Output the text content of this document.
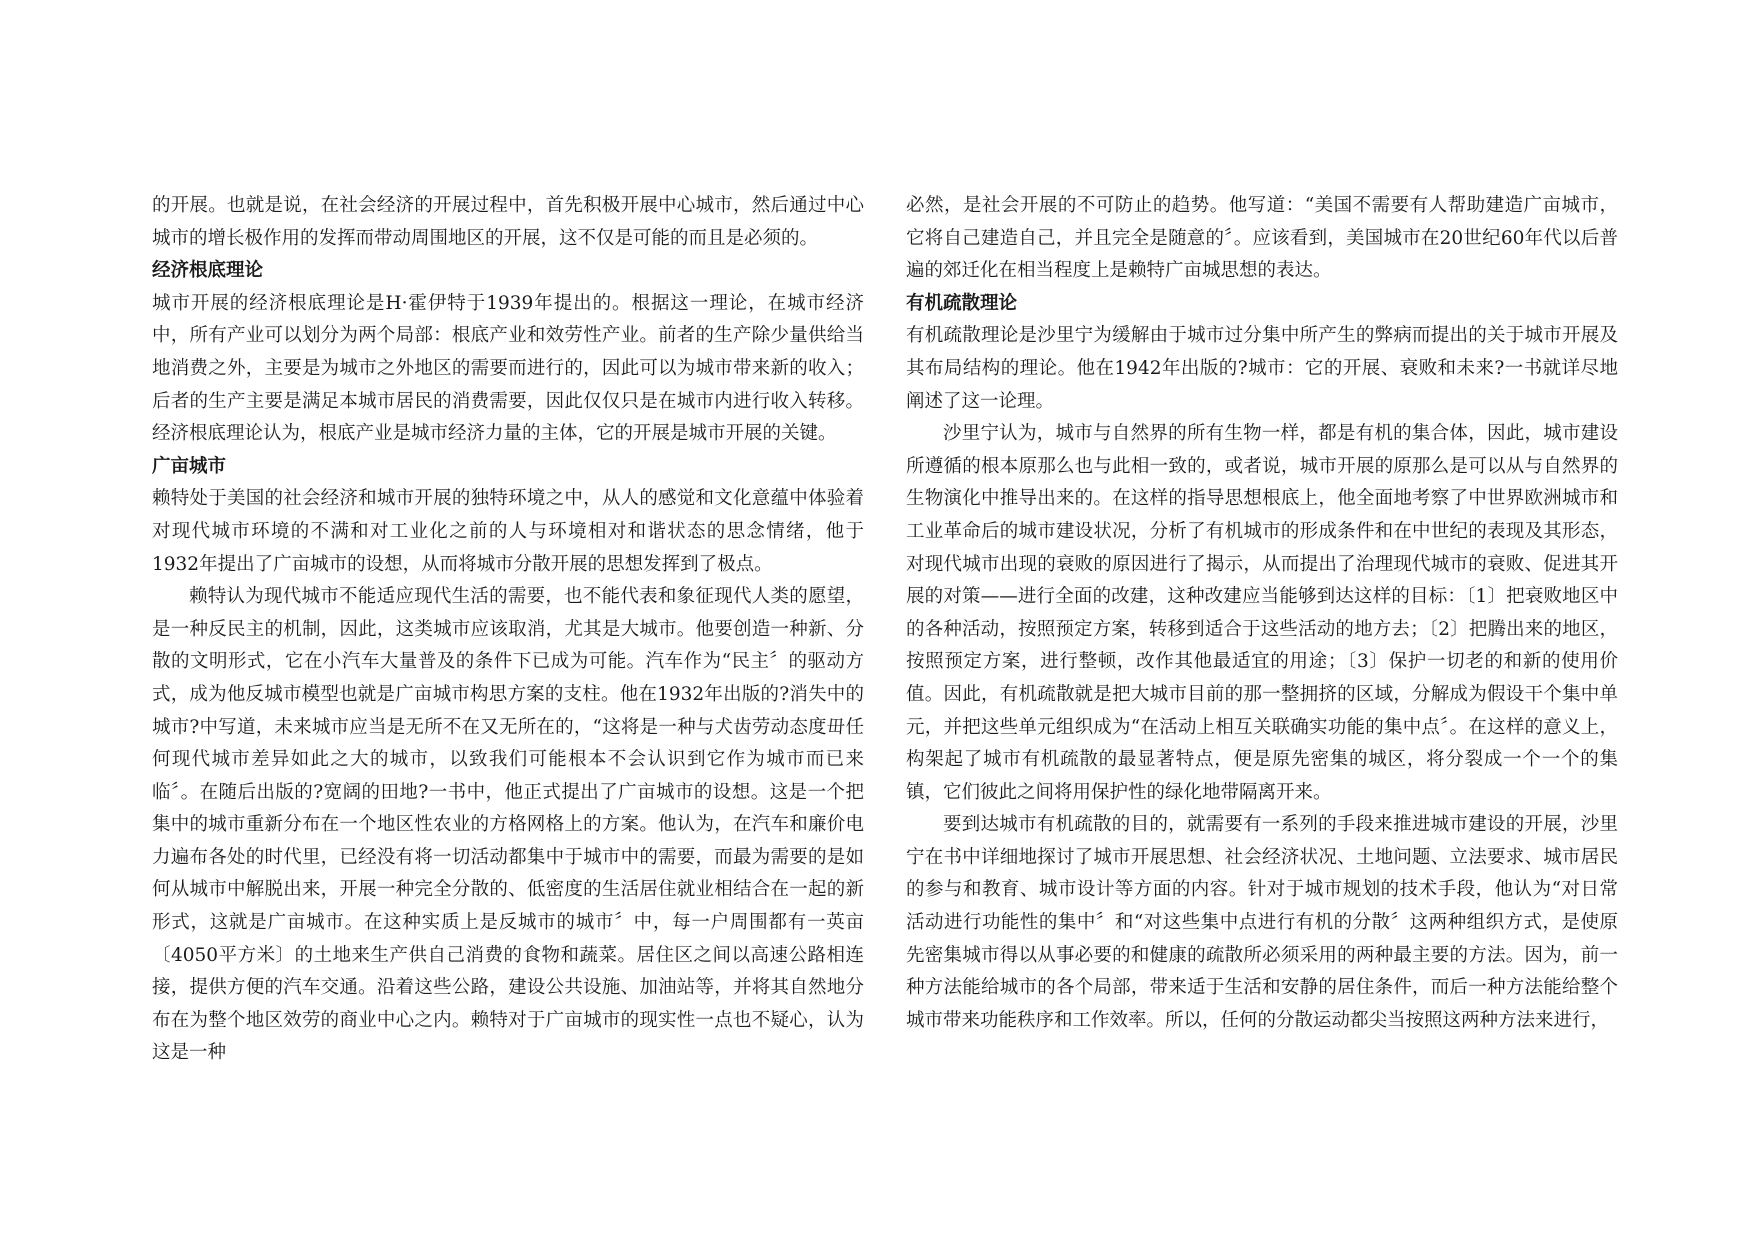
的开展。也就是说，在社会经济的开展过程中，首先积极开展中心城市，然后通过中心城市的增长极作用的发挥而带动周围地区的开展，这不仅是可能的而且是必须的。

经济根底理论

城市开展的经济根底理论是H·霍伊特于1939年提出的。根据这一理论，在城市经济中，所有产业可以划分为两个局部：根底产业和效劳性产业。前者的生产除少量供给当地消费之外，主要是为城市之外地区的需要而进行的，因此可以为城市带来新的收入；后者的生产主要是满足本城市居民的消费需要，因此仅仅只是在城市内进行收入转移。经济根底理论认为，根底产业是城市经济力量的主体，它的开展是城市开展的关键。

广亩城市

赖特处于美国的社会经济和城市开展的独特环境之中，从人的感觉和文化意蕴中体验着对现代城市环境的不满和对工业化之前的人与环境相对和谐状态的思念情绪，他于1932年提出了广亩城市的设想，从而将城市分散开展的思想发挥到了极点。

赖特认为现代城市不能适应现代生活的需要，也不能代表和象征现代人类的愿望，是一种反民主的机制，因此，这类城市应该取消，尤其是大城市。他要创造一种新、分散的文明形式，它在小汽车大量普及的条件下已成为可能。汽车作为“民主〞的驱动方式，成为他反城市模型也就是广亩城市构思方案的支柱。他在1932年出版的?消失中的城市?中写道，未来城市应当是无所不在又无所在的，“这将是一种与犬齿劳动态度毌任何现代城市差异如此之大的城市，以致我们可能根本不会认识到它作为城市而已来临〞。在随后出版的?宽阔的田地?一书中，他正式提出了广亩城市的设想。这是一个把集中的城市重新分布在一个地区性农业的方格网格上的方案。他认为，在汽车和廉价电力遍布各处的时代里，已经没有将一切活动都集中于城市中的需要，而最为需要的是如何从城市中解脱出来，开展一种完全分散的、低密度的生活居住就业相结合在一起的新形式，这就是广亩城市。在这种实质上是反城市的城市〞中，每一户周围都有一英亩〔4050平方米〕的土地来生产供自己消费的食物和蔬菜。居住区之间以高速公路相连接，提供方便的汽车交通。沿着这些公路，建设公共设施、加油站等，并将其自然地分布在为整个地区效劳的商业中心之内。赖特对于广亩城市的现实性一点也不疑心，认为这是一种

必然，是社会开展的不可防止的趋势。他写道：“美国不需要有人帮助建造广亩城市，它将自己建造自己，并且完全是随意的〞。应该看到，美国城市在20世纪60年代以后普遍的郊迁化在相当程度上是赖特广亩城思想的表达。

有机疏散理论

有机疏散理论是沙里宁为缓解由于城市过分集中所产生的弊病而提出的关于城市开展及其布局结构的理论。他在1942年出版的?城市：它的开展、衰败和未来?一书就详尽地阐述了这一论理。

沙里宁认为，城市与自然界的所有生物一样，都是有机的集合体，因此，城市建设所遵循的根本原那么也与此相一致的，或者说，城市开展的原那么是可以从与自然界的生物演化中推导出来的。在这样的指导思想根底上，他全面地考察了中世界欧洲城市和工业革命后的城市建设状况，分析了有机城市的形成条件和在中世纪的表现及其形态，对现代城市出现的衰败的原因进行了揭示，从而提出了治理现代城市的衰败、促进其开展的对策——进行全面的改建，这种改建应当能够到达这样的目标：〔1〕把衰败地区中的各种活动，按照预定方案，转移到适合于这些活动的地方去；〔2〕把腾出来的地区，按照预定方案，进行整顿，改作其他最适宜的用途；〔3〕保护一切老的和新的使用价值。因此，有机疏散就是把大城市目前的那一整拥挤的区域，分解成为假设干个集中单元，并把这些单元组织成为“在活动上相互关联确实功能的集中点〞。在这样的意义上，构架起了城市有机疏散的最显著特点，便是原先密集的城区，将分裂成一个一个的集镇，它们彼此之间将用保护性的绿化地带隔离开来。

要到达城市有机疏散的目的，就需要有一系列的手段来推进城市建设的开展，沙里宁在书中详细地探讨了城市开展思想、社会经济状况、土地问题、立法要求、城市居民的参与和教育、城市设计等方面的内容。针对于城市规划的技术手段，他认为“对日常活动进行功能性的集中〞和“对这些集中点进行有机的分散〞这两种组织方式，是使原先密集城市得以从事必要的和健康的疏散所必须采用的两种最主要的方法。因为，前一种方法能给城市的各个局部，带来适于生活和安静的居住条件，而后一种方法能给整个城市带来功能秩序和工作效率。所以，任何的分散运动都尖当按照这两种方法来进行，
